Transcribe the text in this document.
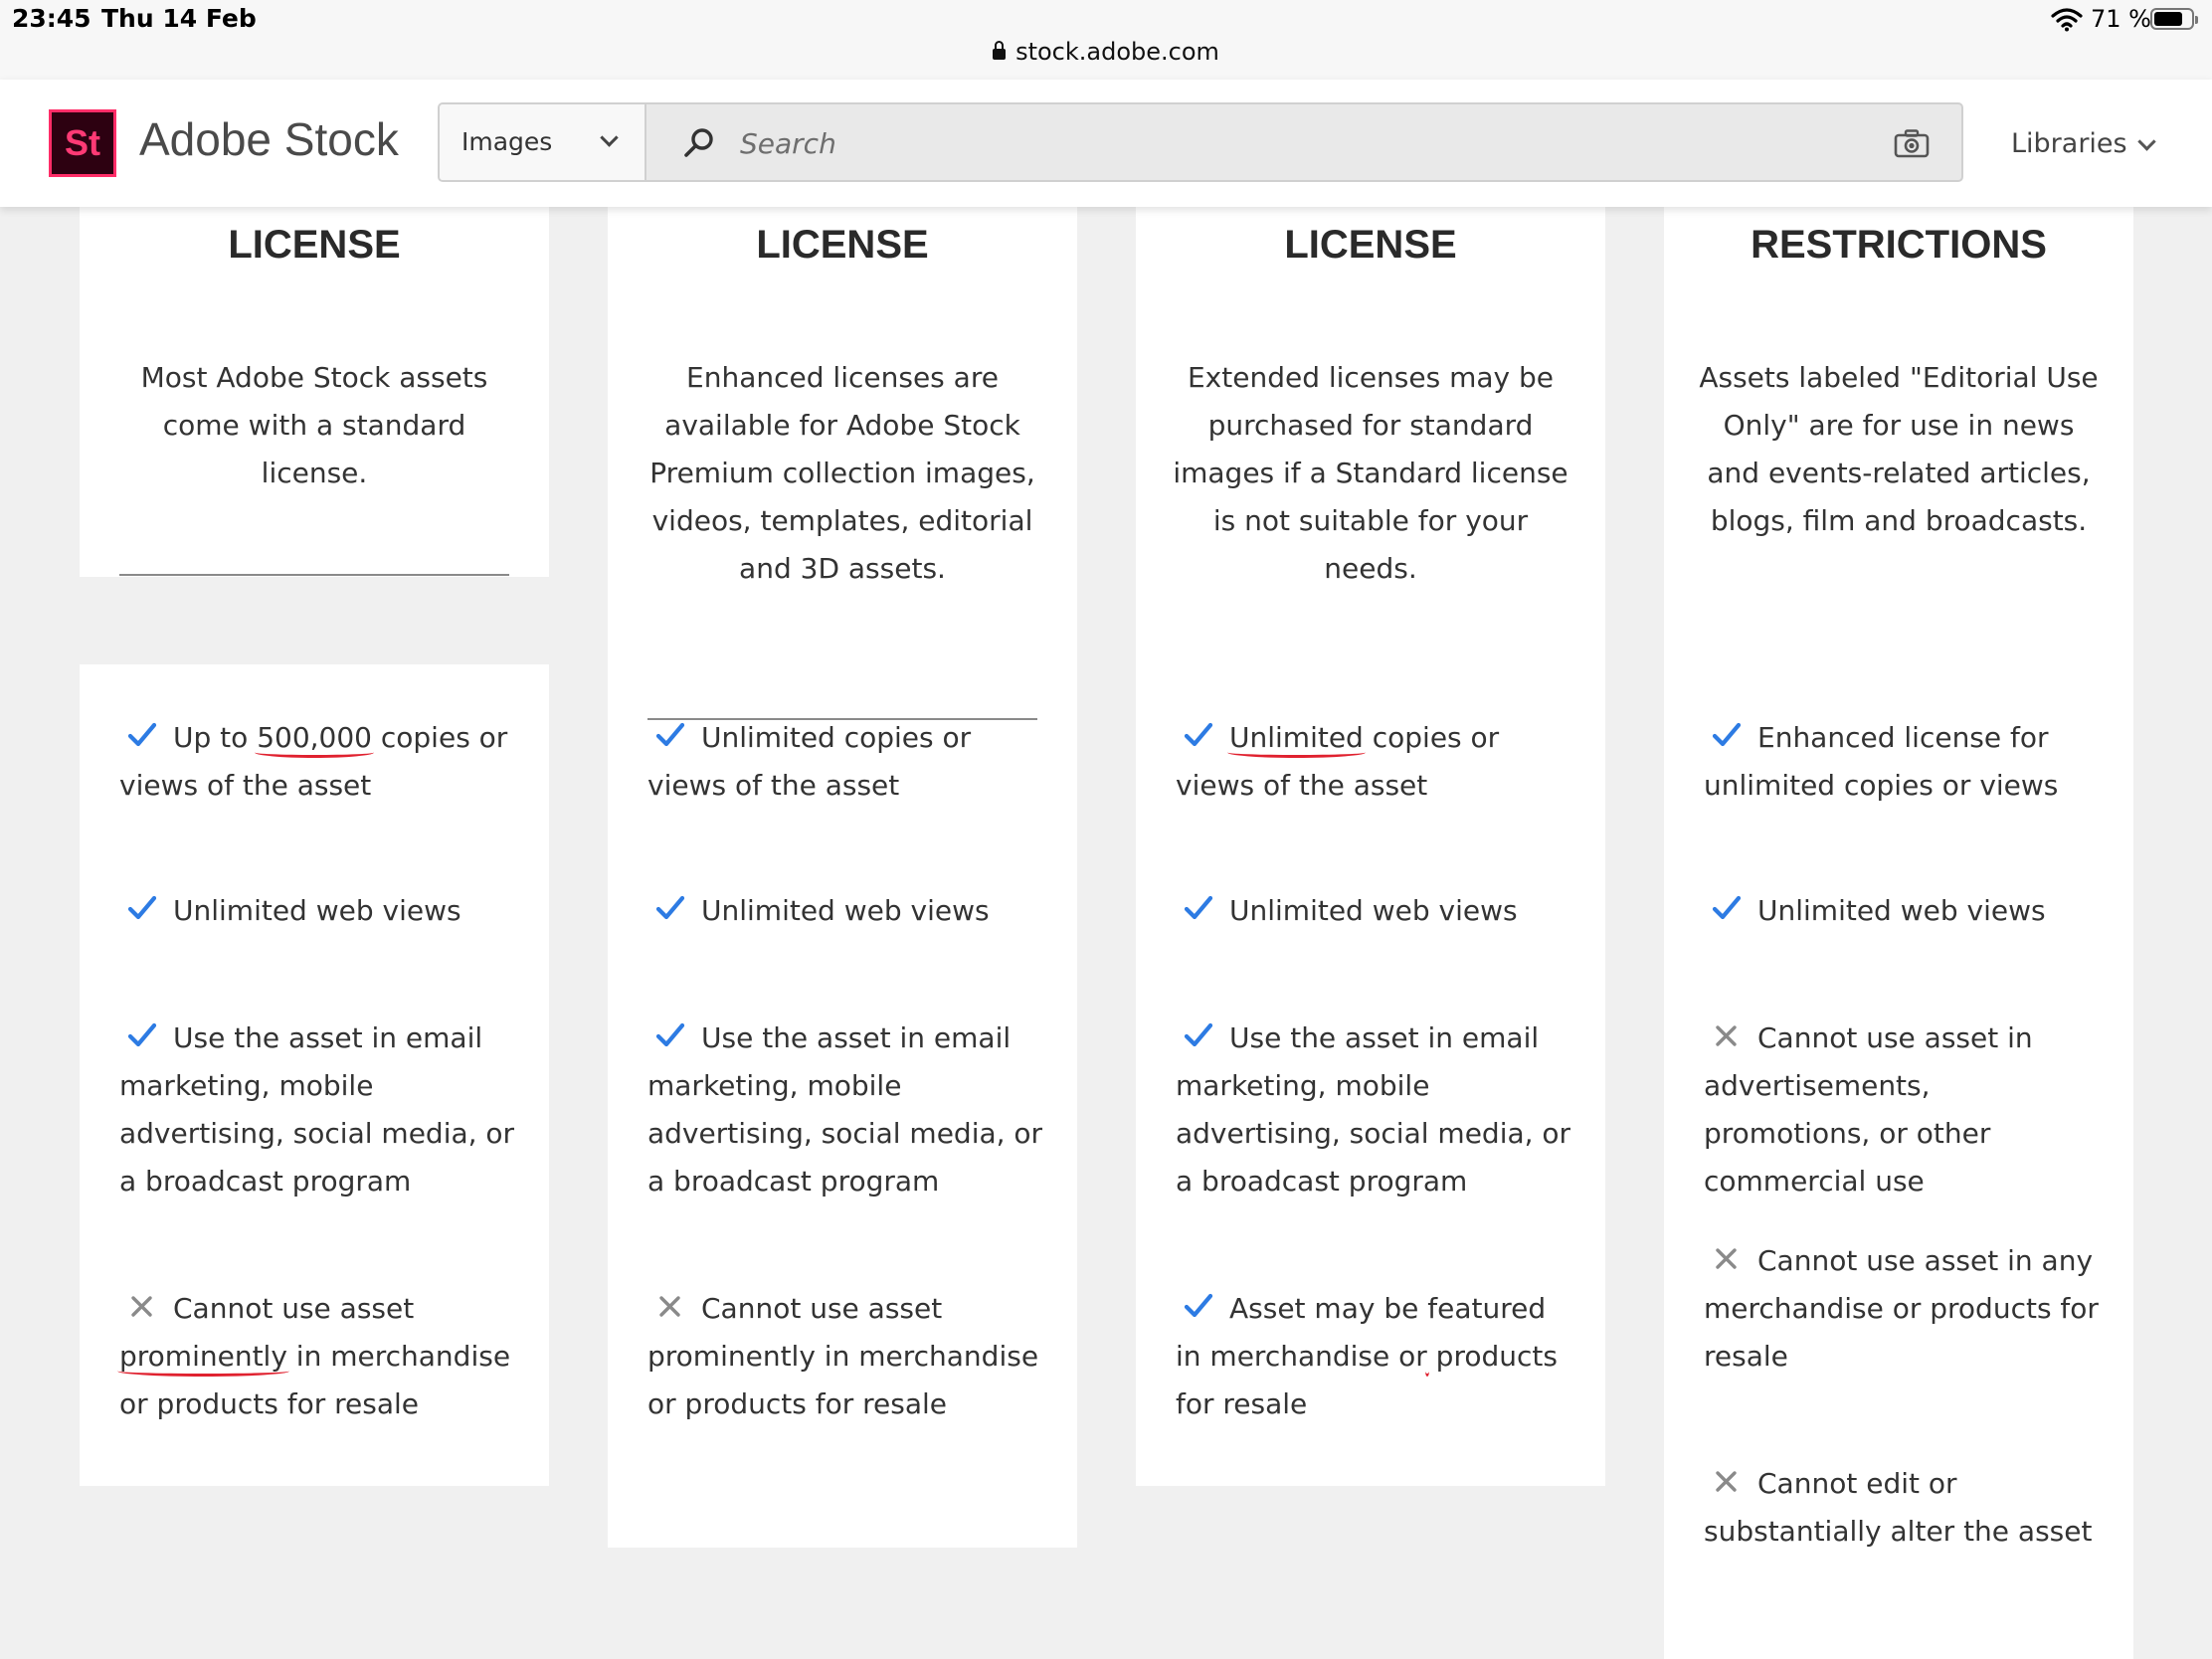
23:45 Thu 14 Feb
stock.adobe.com
71 %
St Adobe Stock	Images
Search	Libraries
LICENSE
Most Adobe Stock assets come with a standard license.
Up to 500,000 copies or views of the asset
Unlimited web views
Use the asset in email marketing, mobile advertising, social media, or a broadcast program
Cannot use asset prominently in merchandise or products for resale
LICENSE
Enhanced licenses are available for Adobe Stock Premium collection images, videos, templates, editorial and 3D assets.
Unlimited copies or views of the asset
Unlimited web views
Use the asset in email marketing, mobile advertising, social media, or a broadcast program
Cannot use asset prominently in merchandise or products for resale
LICENSE
Extended licenses may be purchased for standard images if a Standard license is not suitable for your needs.
Unlimited copies or views of the asset
Unlimited web views
Use the asset in email marketing, mobile advertising, social media, or a broadcast program
Asset may be featured in merchandise or products for resale
RESTRICTIONS
Assets labeled "Editorial Use Only" are for use in news and events-related articles, blogs, film and broadcasts.
Enhanced license for unlimited copies or views
Unlimited web views
Cannot use asset in advertisements, promotions, or other commercial use
Cannot use asset in any merchandise or products for resale
Cannot edit or substantially alter the asset
